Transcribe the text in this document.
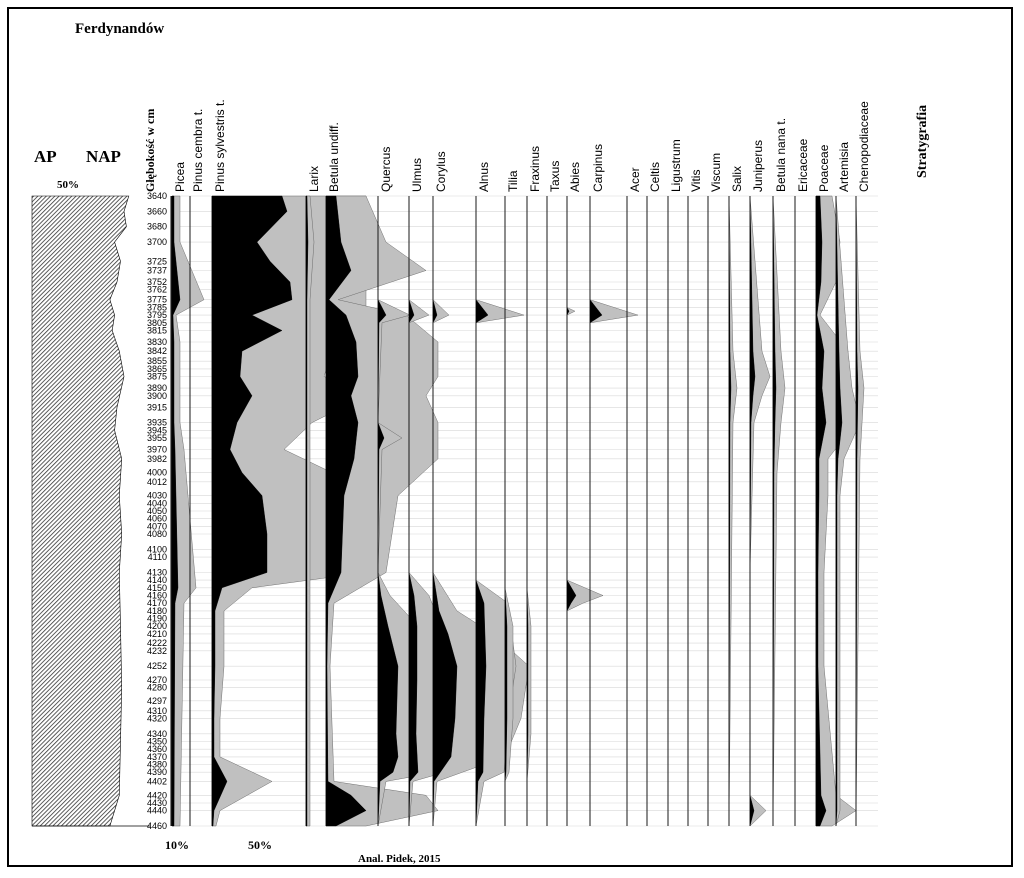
Ferdynandów
AP NAP
50%	Głębokość w cm	Stratygrafia
3640
3660
3680
3700
3725
3737
3752
3762
3775
3785
3795
3805
3815
3830
3842
3855
3865
3875
3890
3900
3915
3935
3945
3955
3970
3982
4000
4012
4030
4040
4050
4060
4070
4080
4100
4110
4130
4140
4150
4160
4170
4180
4190
4200
4210
4222
4232
4252
4270
4280
4297
4310
4320
4340
4350
4360
4370
4380
4390
4402
4420
4430
4440
4460
Picea Pinus cembra t. Pinus sylvestris t.	Larix Betula undiff.	Quercus Ulmus Corylus Alnus Tilia Fraxinus Taxus Abies Carpinus Acer Celtis Ligustrum Vitis Viscum Salix Juniperus Betula nana t. Ericaceae Poaceae Artemisia Chenopodiaceae
10%	50%
Anal. Pidek, 2015
